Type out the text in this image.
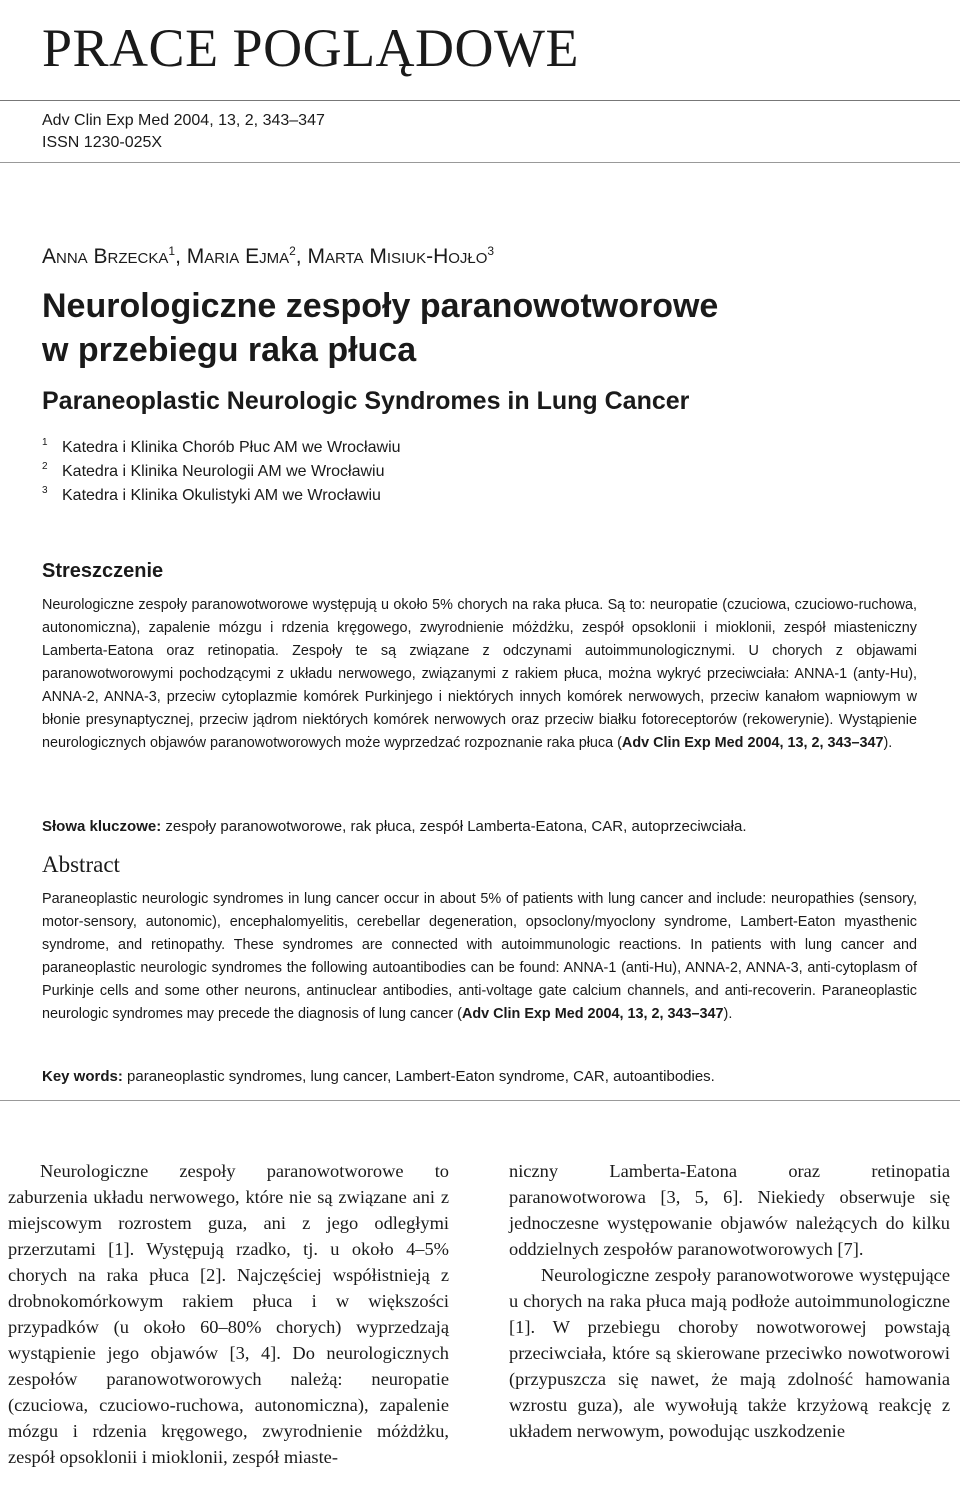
PRACE POGLĄDOWE
Adv Clin Exp Med 2004, 13, 2, 343–347
ISSN 1230-025X
Anna Brzecka$^1$, Maria Ejma$^2$, Marta Misiuk-Hojło$^3$
Neurologiczne zespoły paranowotworowe
w przebiegu raka płuca
Paraneoplastic Neurologic Syndromes in Lung Cancer
1 Katedra i Klinika Chorób Płuc AM we Wrocławiu
2 Katedra i Klinika Neurologii AM we Wrocławiu
3 Katedra i Klinika Okulistyki AM we Wrocławiu
Streszczenie
Neurologiczne zespoły paranowotworowe występują u około 5% chorych na raka płuca. Są to: neuropatie (czuciowa, czuciowo-ruchowa, autonomiczna), zapalenie mózgu i rdzenia kręgowego, zwyrodnienie móżdżku, zespół opsoklonii i mioklonii, zespół miasteniczny Lamberta-Eatona oraz retinopatia. Zespoły te są związane z odczynami autoimmunologicznymi. U chorych z objawami paranowotworowymi pochodzącymi z układu nerwowego, związanymi z rakiem płuca, można wykryć przeciwciała: ANNA-1 (anty-Hu), ANNA-2, ANNA-3, przeciw cytoplazmie komórek Purkinjego i niektórych innych komórek nerwowych, przeciw kanałom wapniowym w błonie presynaptycznej, przeciw jądrom niektórych komórek nerwowych oraz przeciw białku fotoreceptorów (rekowerynie). Wystąpienie neurologicznych objawów paranowotworowych może wyprzedzać rozpoznanie raka płuca (Adv Clin Exp Med 2004, 13, 2, 343–347).
Słowa kluczowe: zespoły paranowotworowe, rak płuca, zespół Lamberta-Eatona, CAR, autoprzeciwciała.
Abstract
Paraneoplastic neurologic syndromes in lung cancer occur in about 5% of patients with lung cancer and include: neuropathies (sensory, motor-sensory, autonomic), encephalomyelitis, cerebellar degeneration, opsoclony/myoclony syndrome, Lambert-Eaton myasthenic syndrome, and retinopathy. These syndromes are connected with autoimmunologic reactions. In patients with lung cancer and paraneoplastic neurologic syndromes the following autoantibodies can be found: ANNA-1 (anti-Hu), ANNA-2, ANNA-3, anti-cytoplasm of Purkinje cells and some other neurons, antinuclear antibodies, anti-voltage gate calcium channels, and anti-recoverin. Paraneoplastic neurologic syndromes may precede the diagnosis of lung cancer (Adv Clin Exp Med 2004, 13, 2, 343–347).
Key words: paraneoplastic syndromes, lung cancer, Lambert-Eaton syndrome, CAR, autoantibodies.

Neurologiczne zespoły paranowotworowe to zaburzenia układu nerwowego, które nie są związane ani z miejscowym rozrostem guza, ani z jego odległymi przerzutami [1]. Występują rzadko, tj. u około 4–5% chorych na raka płuca [2]. Najczęściej współistnieją z drobnokomórkowym rakiem płuca i w większości przypadków (u około 60–80% chorych) wyprzedzają wystąpienie jego objawów [3, 4]. Do neurologicznych zespołów paranowotworowych należą: neuropatie (czuciowa, czuciowo-ruchowa, autonomiczna), zapalenie mózgu i rdzenia kręgowego, zwyrodnienie móżdżku, zespół opsoklonii i mioklonii, zespół miaste-

niczny Lamberta-Eatona oraz retinopatia paranowotworowa [3, 5, 6]. Niekiedy obserwuje się jednoczesne występowanie objawów należących do kilku oddzielnych zespołów paranowotworowych [7].

Neurologiczne zespoły paranowotworowe występujące u chorych na raka płuca mają podłoże autoimmunologiczne [1]. W przebiegu choroby nowotworowej powstają przeciwciała, które są skierowane przeciwko nowotworowi (przypuszcza się nawet, że mają zdolność hamowania wzrostu guza), ale wywołują także krzyżową reakcję z układem nerwowym, powodując uszkodzenie
